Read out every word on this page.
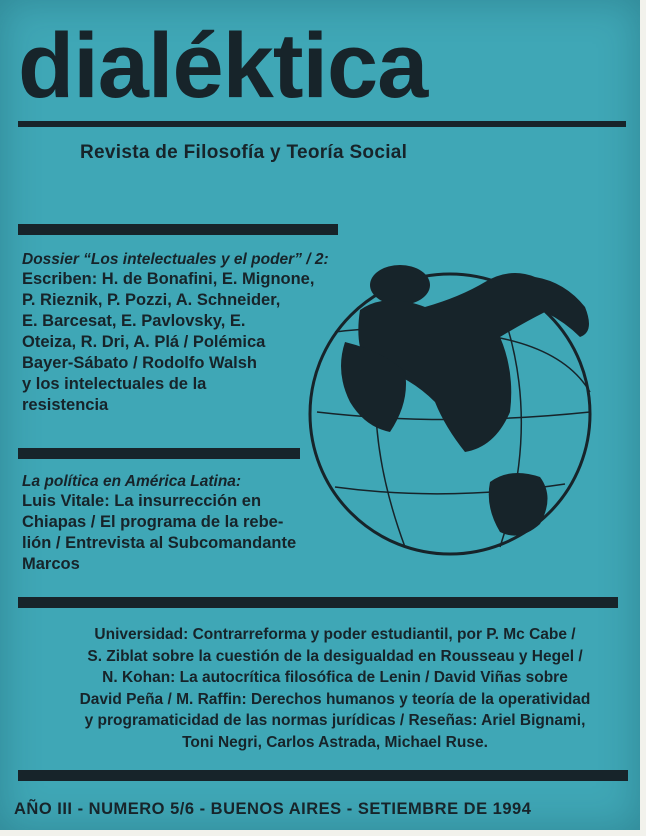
dialéktica
Revista de Filosofía y Teoría Social
Dossier “Los intelectuales y el poder” / 2:
Escriben: H. de Bonafini, E. Mignone,
P. Rieznik, P. Pozzi, A. Schneider,
E. Barcesat, E. Pavlovsky, E.
Oteiza, R. Dri, A. Plá / Polémica
Bayer-Sábato / Rodolfo Walsh
y los intelectuales de la
resistencia
La política en América Latina:
Luis Vitale: La insurrección en
Chiapas / El programa de la rebe-
lión / Entrevista al Subcomandante
Marcos
Universidad: Contrarreforma y poder estudiantil, por P. Mc Cabe /
S. Ziblat sobre la cuestión de la desigualdad en Rousseau y Hegel /
N. Kohan: La autocrítica filosófica de Lenin / David Viñas sobre
David Peña / M. Raffin: Derechos humanos y teoría de la operatividad
y programaticidad de las normas jurídicas / Reseñas: Ariel Bignami,
Toni Negri, Carlos Astrada, Michael Ruse.
AÑO III - NUMERO 5/6 - BUENOS AIRES - SETIEMBRE DE 1994
